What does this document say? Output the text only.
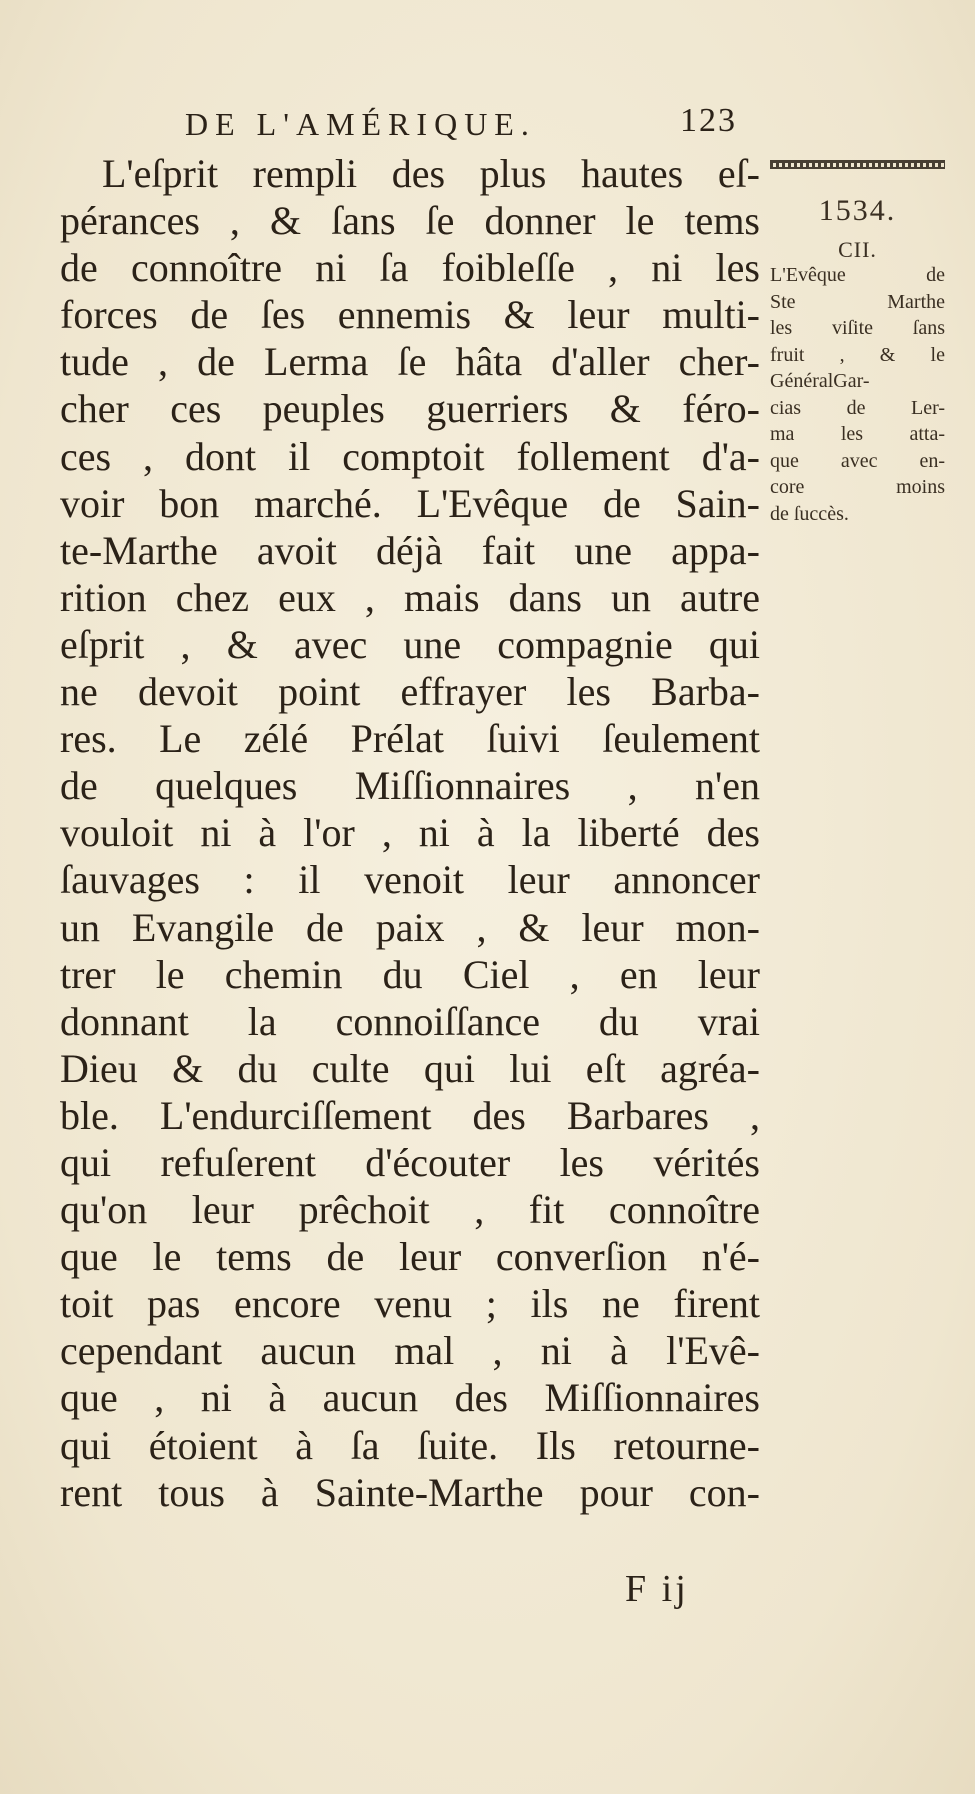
DE L'AMÉRIQUE.	123
L'eſprit rempli des plus hautes eſ-
pérances , & ſans ſe donner le tems
de connoître ni ſa foibleſſe , ni les
forces de ſes ennemis & leur multi-
tude , de Lerma ſe hâta d'aller cher-
cher ces peuples guerriers & féro-
ces , dont il comptoit follement d'a-
voir bon marché. L'Evêque de Sain-
te-Marthe avoit déjà fait une appa-
rition chez eux , mais dans un autre
eſprit , & avec une compagnie qui
ne devoit point effrayer les Barba-
res. Le zélé Prélat ſuivi ſeulement
de quelques Miſſionnaires , n'en
vouloit ni à l'or , ni à la liberté des
ſauvages : il venoit leur annoncer
un Evangile de paix , & leur mon-
trer le chemin du Ciel , en leur
donnant la connoiſſance du vrai
Dieu & du culte qui lui eſt agréa-
ble. L'endurciſſement des Barbares ,
qui refuſerent d'écouter les vérités
qu'on leur prêchoit , fit connoître
que le tems de leur converſion n'é-
toit pas encore venu ; ils ne firent
cependant aucun mal , ni à l'Evê-
que , ni à aucun des Miſſionnaires
qui étoient à ſa ſuite. Ils retourne-
rent tous à Sainte-Marthe pour con-
1534.
CII.
L'Evêque de
Ste Marthe
les viſite ſans
fruit , & le
GénéralGar-
cias de Ler-
ma les atta-
que avec en-
core moins
de ſuccès.
F ij
